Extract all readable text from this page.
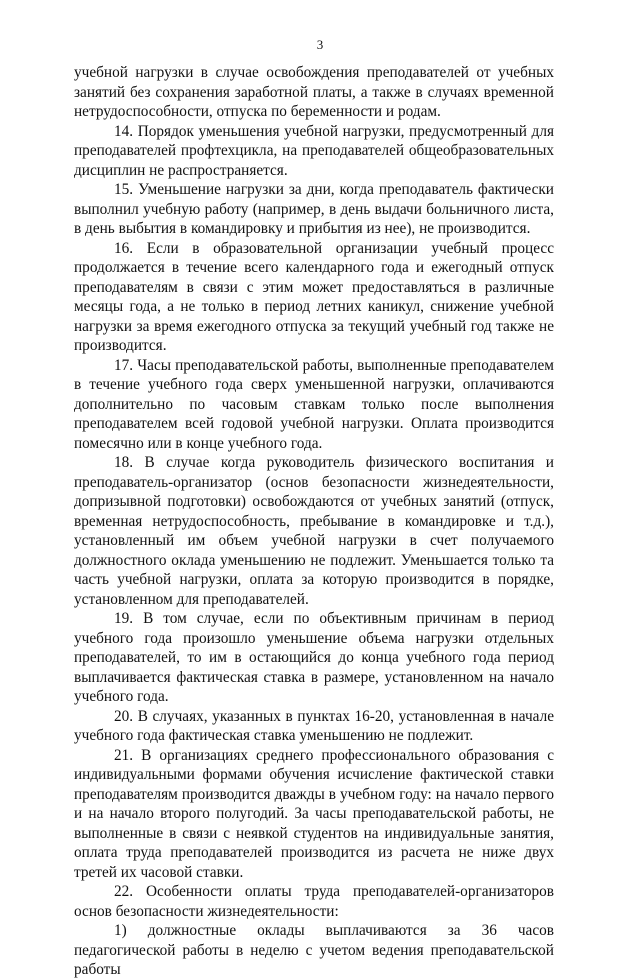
3

учебной нагрузки в случае освобождения преподавателей от учебных занятий без сохранения заработной платы, а также в случаях временной нетрудоспособности, отпуска по беременности и родам.

14. Порядок уменьшения учебной нагрузки, предусмотренный для преподавателей профтехцикла, на преподавателей общеобразовательных дисциплин не распространяется.

15. Уменьшение нагрузки за дни, когда преподаватель фактически выполнил учебную работу (например, в день выдачи больничного листа, в день выбытия в командировку и прибытия из нее), не производится.

16. Если в образовательной организации учебный процесс продолжается в течение всего календарного года и ежегодный отпуск преподавателям в связи с этим может предоставляться в различные месяцы года, а не только в период летних каникул, снижение учебной нагрузки за время ежегодного отпуска за текущий учебный год также не производится.

17. Часы преподавательской работы, выполненные преподавателем в течение учебного года сверх уменьшенной нагрузки, оплачиваются дополнительно по часовым ставкам только после выполнения преподавателем всей годовой учебной нагрузки. Оплата производится помесячно или в конце учебного года.

18. В случае когда руководитель физического воспитания и преподаватель-организатор (основ безопасности жизнедеятельности, допризывной подготовки) освобождаются от учебных занятий (отпуск, временная нетрудоспособность, пребывание в командировке и т.д.), установленный им объем учебной нагрузки в счет получаемого должностного оклада уменьшению не подлежит. Уменьшается только та часть учебной нагрузки, оплата за которую производится в порядке, установленном для преподавателей.

19. В том случае, если по объективным причинам в период учебного года произошло уменьшение объема нагрузки отдельных преподавателей, то им в остающийся до конца учебного года период выплачивается фактическая ставка в размере, установленном на начало учебного года.

20. В случаях, указанных в пунктах 16-20, установленная в начале учебного года фактическая ставка уменьшению не подлежит.

21. В организациях среднего профессионального образования с индивидуальными формами обучения исчисление фактической ставки преподавателям производится дважды в учебном году: на начало первого и на начало второго полугодий. За часы преподавательской работы, не выполненные в связи с неявкой студентов на индивидуальные занятия, оплата труда преподавателей производится из расчета не ниже двух третей их часовой ставки.

22. Особенности оплаты труда преподавателей-организаторов основ безопасности жизнедеятельности:

1) должностные оклады выплачиваются за 36 часов педагогической работы в неделю с учетом ведения преподавательской работы
